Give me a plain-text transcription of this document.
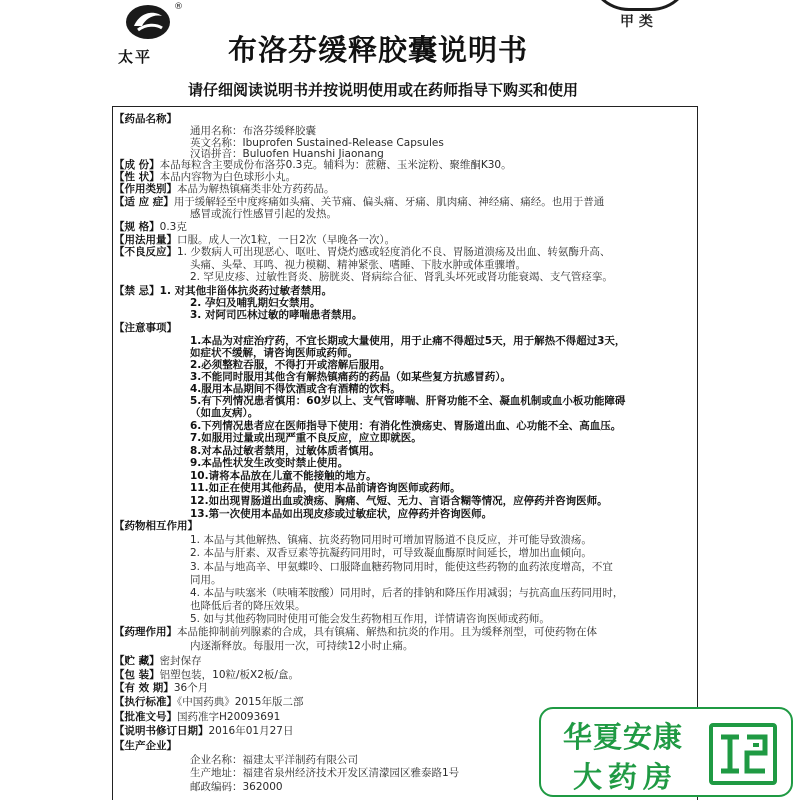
®
太平
甲 类
布洛芬缓释胶囊说明书
请仔细阅读说明书并按说明使用或在药师指导下购买和使用
【药品名称】
通用名称：布洛芬缓释胶囊
英文名称：Ibuprofen Sustained-Release Capsules
汉语拼音：Buluofen Huanshi Jiaonang
【成 份】本品每粒含主要成份布洛芬0.3克。辅料为：蔗糖、玉米淀粉、聚维酮K30。
【性 状】本品内容物为白色球形小丸。
【作用类别】本品为解热镇痛类非处方药药品。
【适 应 症】用于缓解轻至中度疼痛如头痛、关节痛、偏头痛、牙痛、肌肉痛、神经痛、痛经。也用于普通
感冒或流行性感冒引起的发热。
【规 格】0.3克
【用法用量】口服。成人一次1粒，一日2次（早晚各一次）。
【不良反应】1. 少数病人可出现恶心、呕吐、胃烧灼感或轻度消化不良、胃肠道溃疡及出血、转氨酶升高、
头痛、头晕、耳鸣、视力模糊、精神紧张、嗜睡、下肢水肿或体重骤增。
2. 罕见皮疹、过敏性肾炎、膀胱炎、肾病综合征、肾乳头坏死或肾功能衰竭、支气管痉挛。
【禁 忌】1. 对其他非甾体抗炎药过敏者禁用。
2. 孕妇及哺乳期妇女禁用。
3. 对阿司匹林过敏的哮喘患者禁用。
【注意事项】
1.本品为对症治疗药，不宜长期或大量使用，用于止痛不得超过5天，用于解热不得超过3天，
如症状不缓解，请咨询医师或药师。
2.必须整粒吞服，不得打开或溶解后服用。
3.不能同时服用其他含有解热镇痛药的药品（如某些复方抗感冒药）。
4.服用本品期间不得饮酒或含有酒精的饮料。
5.有下列情况患者慎用：60岁以上、支气管哮喘、肝肾功能不全、凝血机制或血小板功能障碍
（如血友病）。
6.下列情况患者应在医师指导下使用：有消化性溃疡史、胃肠道出血、心功能不全、高血压。
7.如服用过量或出现严重不良反应，应立即就医。
8.对本品过敏者禁用，过敏体质者慎用。
9.本品性状发生改变时禁止使用。
10.请将本品放在儿童不能接触的地方。
11.如正在使用其他药品，使用本品前请咨询医师或药师。
12.如出现胃肠道出血或溃疡、胸痛、气短、无力、言语含糊等情况，应停药并咨询医师。
13.第一次使用本品如出现皮疹或过敏症状，应停药并咨询医师。
【药物相互作用】
1. 本品与其他解热、镇痛、抗炎药物同用时可增加胃肠道不良反应，并可能导致溃疡。
2. 本品与肝素、双香豆素等抗凝药同用时，可导致凝血酶原时间延长，增加出血倾向。
3. 本品与地高辛、甲氨蝶呤、口服降血糖药物同用时，能使这些药物的血药浓度增高，不宜
同用。
4. 本品与呋塞米（呋喃苯胺酸）同用时，后者的排钠和降压作用减弱；与抗高血压药同用时，
也降低后者的降压效果。
5. 如与其他药物同时使用可能会发生药物相互作用，详情请咨询医师或药师。
【药理作用】本品能抑制前列腺素的合成，具有镇痛、解热和抗炎的作用。且为缓释剂型，可使药物在体
内逐渐释放。每服用一次，可持续12小时止痛。
【贮 藏】密封保存
【包 装】铝塑包装，10粒/板X2板/盒。
【有 效 期】36个月
【执行标准】《中国药典》2015年版二部
【批准文号】国药准字H20093691
【说明书修订日期】2016年01月27日
【生产企业】
企业名称：福建太平洋制药有限公司
生产地址：福建省泉州经济技术开发区清濛园区雅泰路1号
邮政编码：362000
华夏安康
大药房
